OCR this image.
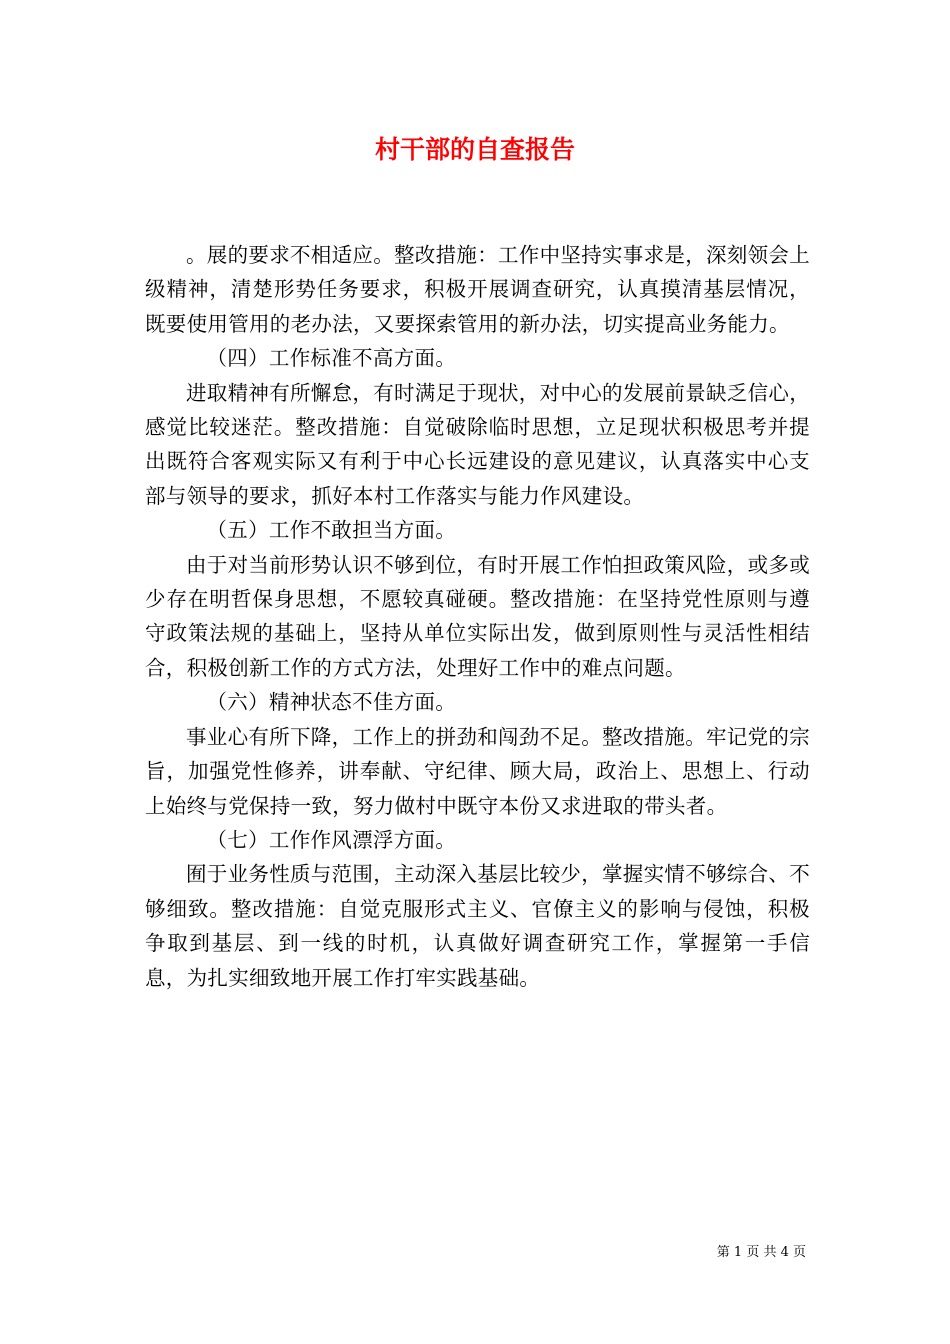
村干部的自查报告

。展的要求不相适应。整改措施：工作中坚持实事求是，深刻领会上级精神，清楚形势任务要求，积极开展调查研究，认真摸清基层情况，既要使用管用的老办法，又要探索管用的新办法，切实提高业务能力。

（四）工作标准不高方面。

进取精神有所懈怠，有时满足于现状，对中心的发展前景缺乏信心，感觉比较迷茫。整改措施：自觉破除临时思想，立足现状积极思考并提出既符合客观实际又有利于中心长远建设的意见建议，认真落实中心支部与领导的要求，抓好本村工作落实与能力作风建设。

（五）工作不敢担当方面。

由于对当前形势认识不够到位，有时开展工作怕担政策风险，或多或少存在明哲保身思想，不愿较真碰硬。整改措施：在坚持党性原则与遵守政策法规的基础上，坚持从单位实际出发，做到原则性与灵活性相结合，积极创新工作的方式方法，处理好工作中的难点问题。

（六）精神状态不佳方面。

事业心有所下降，工作上的拼劲和闯劲不足。整改措施。牢记党的宗旨，加强党性修养，讲奉献、守纪律、顾大局，政治上、思想上、行动上始终与党保持一致，努力做村中既守本份又求进取的带头者。

（七）工作作风漂浮方面。

囿于业务性质与范围，主动深入基层比较少，掌握实情不够综合、不够细致。整改措施：自觉克服形式主义、官僚主义的影响与侵蚀，积极争取到基层、到一线的时机，认真做好调查研究工作，掌握第一手信息，为扎实细致地开展工作打牢实践基础。

第 1 页 共 4 页
